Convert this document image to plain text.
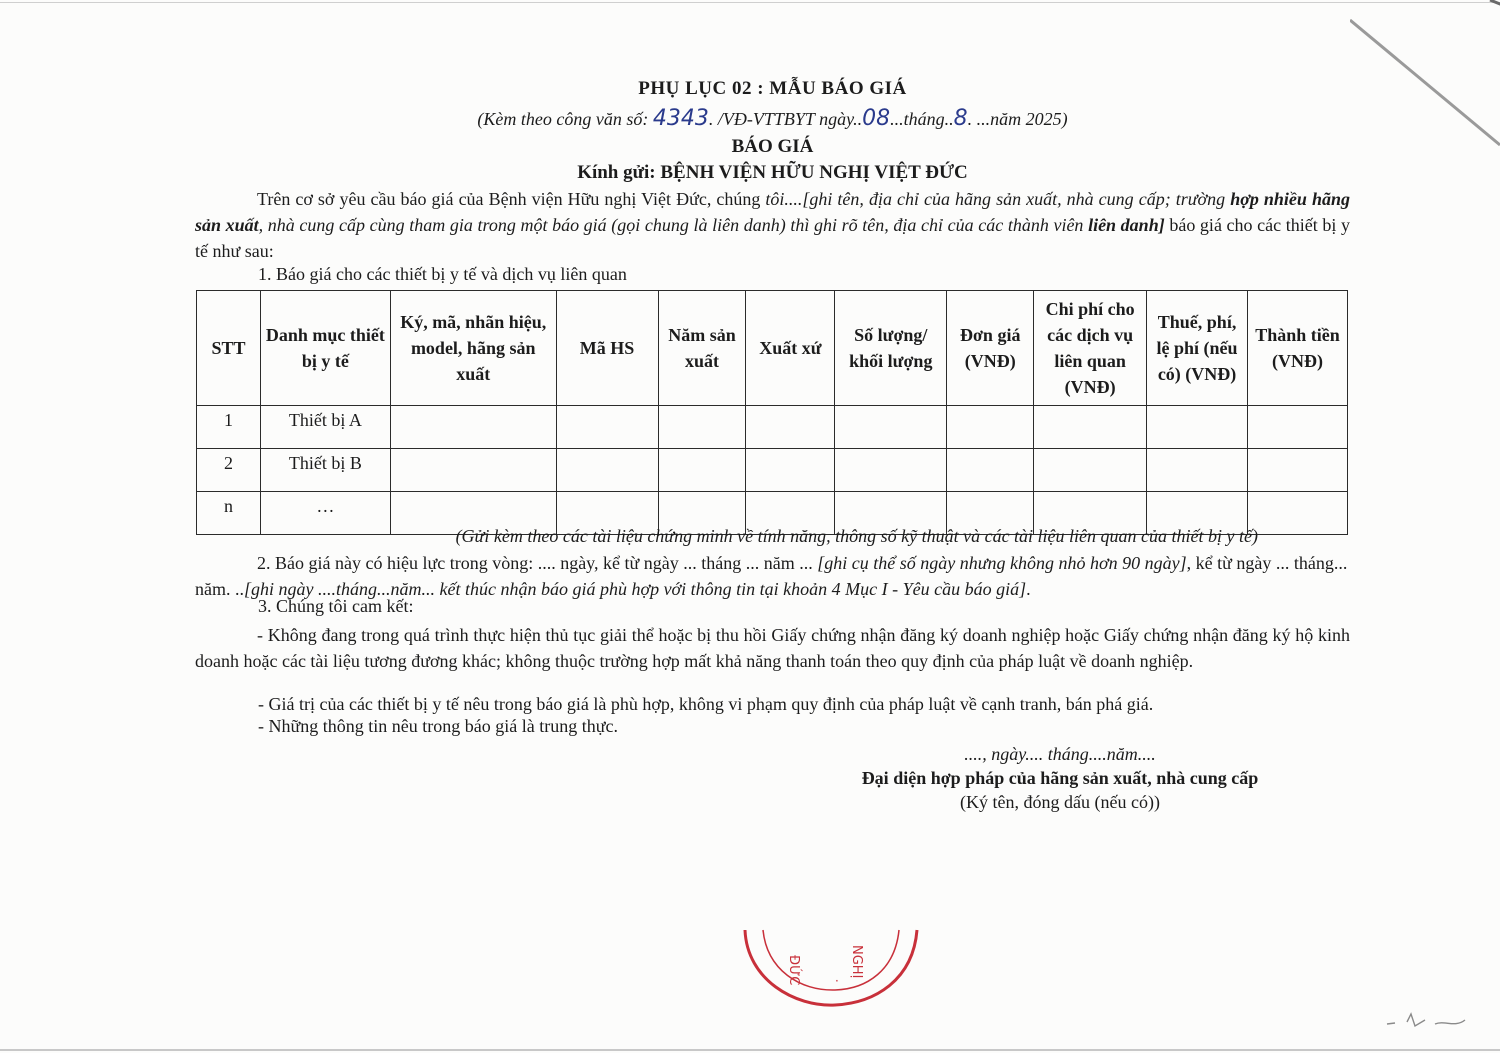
PHỤ LỤC 02 : MẪU BÁO GIÁ
(Kèm theo công văn số: 4343. /VĐ-VTTBYT ngày..08...tháng..8. ...năm 2025)
BÁO GIÁ
Kính gửi: BỆNH VIỆN HỮU NGHỊ VIỆT ĐỨC
Trên cơ sở yêu cầu báo giá của Bệnh viện Hữu nghị Việt Đức, chúng tôi....[ghi tên, địa chỉ của hãng sản xuất, nhà cung cấp; trường hợp nhiều hãng sản xuất, nhà cung cấp cùng tham gia trong một báo giá (gọi chung là liên danh) thì ghi rõ tên, địa chỉ của các thành viên liên danh] báo giá cho các thiết bị y tế như sau:
1. Báo giá cho các thiết bị y tế và dịch vụ liên quan
STT	Danh mục thiết bị y tế	Ký, mã, nhãn hiệu, model, hãng sản xuất	Mã HS	Năm sản xuất	Xuất xứ	Số lượng/ khối lượng	Đơn giá (VNĐ)	Chi phí cho các dịch vụ liên quan (VNĐ)	Thuế, phí, lệ phí (nếu có) (VNĐ)	Thành tiền (VNĐ)
1	Thiết bị A									
2	Thiết bị B									
n	…									
(Gửi kèm theo các tài liệu chứng minh về tính năng, thông số kỹ thuật và các tài liệu liên quan của thiết bị y tế)
2. Báo giá này có hiệu lực trong vòng: .... ngày, kể từ ngày ... tháng ... năm ... [ghi cụ thể số ngày nhưng không nhỏ hơn 90 ngày], kể từ ngày ... tháng... năm. ..[ghi ngày ....tháng...năm... kết thúc nhận báo giá phù hợp với thông tin tại khoản 4 Mục I - Yêu cầu báo giá].
3. Chúng tôi cam kết:
- Không đang trong quá trình thực hiện thủ tục giải thể hoặc bị thu hồi Giấy chứng nhận đăng ký doanh nghiệp hoặc Giấy chứng nhận đăng ký hộ kinh doanh hoặc các tài liệu tương đương khác; không thuộc trường hợp mất khả năng thanh toán theo quy định của pháp luật về doanh nghiệp.
- Giá trị của các thiết bị y tế nêu trong báo giá là phù hợp, không vi phạm quy định của pháp luật về cạnh tranh, bán phá giá.
- Những thông tin nêu trong báo giá là trung thực.
...., ngày.... tháng....năm....
Đại diện hợp pháp của hãng sản xuất, nhà cung cấp
(Ký tên, đóng dấu (nếu có))
ĐỨC	NGHỊ
·
